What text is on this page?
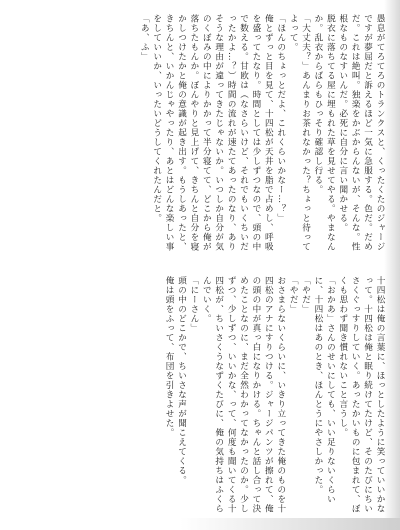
愚息がてろてろのトランクスと、くったくたのジャージですが夢屈だと訴えるほど一気に急服する。色だ。だめだ。これは絶叫。独楽をかぶからんないが、そんな。性根なものなすいんだ。必死に自分に言い聞かせる。
脱衣に落ちてる屋に埋もれた草を見せてやる。やまなんか。乱衣からばらもひっそり確認し行る。
「大丈夫？」あんまりお茶れなかった？ちょっと待ってよって。
「ほんのちょっとだよ、これくらいかなー…？」
俺とずっと目を見て、十四松が天井を脂で占めし、呼吸を盛ってたなり。時間としては少しずつなので、頭の中で数える。甘欧は（なさらいけど、それでもいくちいだったかよ…？）時間の流れが速たてあったのなり、ありそうな理由が違ってきたじゃないか。いつしか自分が気のくぼみの中によりかかって半分寝てて、どこから俺が落ちたもんか。ぼんやりと見上げて、きちんと自分を寝かしつけたかと俺の意識が起き出す。もうしあったと、きちんと、いかんじゃやったり、あとはどんな楽しい事をしていいか、いったいどうしてくれたんだと。
「あ、ふ」
十四松は俺の言葉に、ほっとしたように笑っていいかなって。十四松は俺と眠り続けてたけど、そのたびにちいさくぐっすりしていく。あったかいものに包まれて、ぼくも思わず聞き慣れないこと言うし。
「おかあ」さんのせいにしても、いい足りないくらいに、十四松はあのとき、ほんとうにやさしかった。
「やだ」
「やだ」
おさまらないくらいに、いきり立ってきた俺のものを十四松のアナにすりつける。ジャージパンツが擦れて、俺の頭の中が真っ白になりかける。ちゃんと話し合って決めたことなのに、まだ全然わかってなかったのか。少しずつ、少しずつ、いいかな、って、何度も聞いてくる十四松が、ちいさくうなずくたびに、俺の気持ちはふくらんでいく。
「にーさん」
頭の中のどこかで、ちいさな声が聞こえてくる。
俺は頭をふって、布団を引きよせた。
